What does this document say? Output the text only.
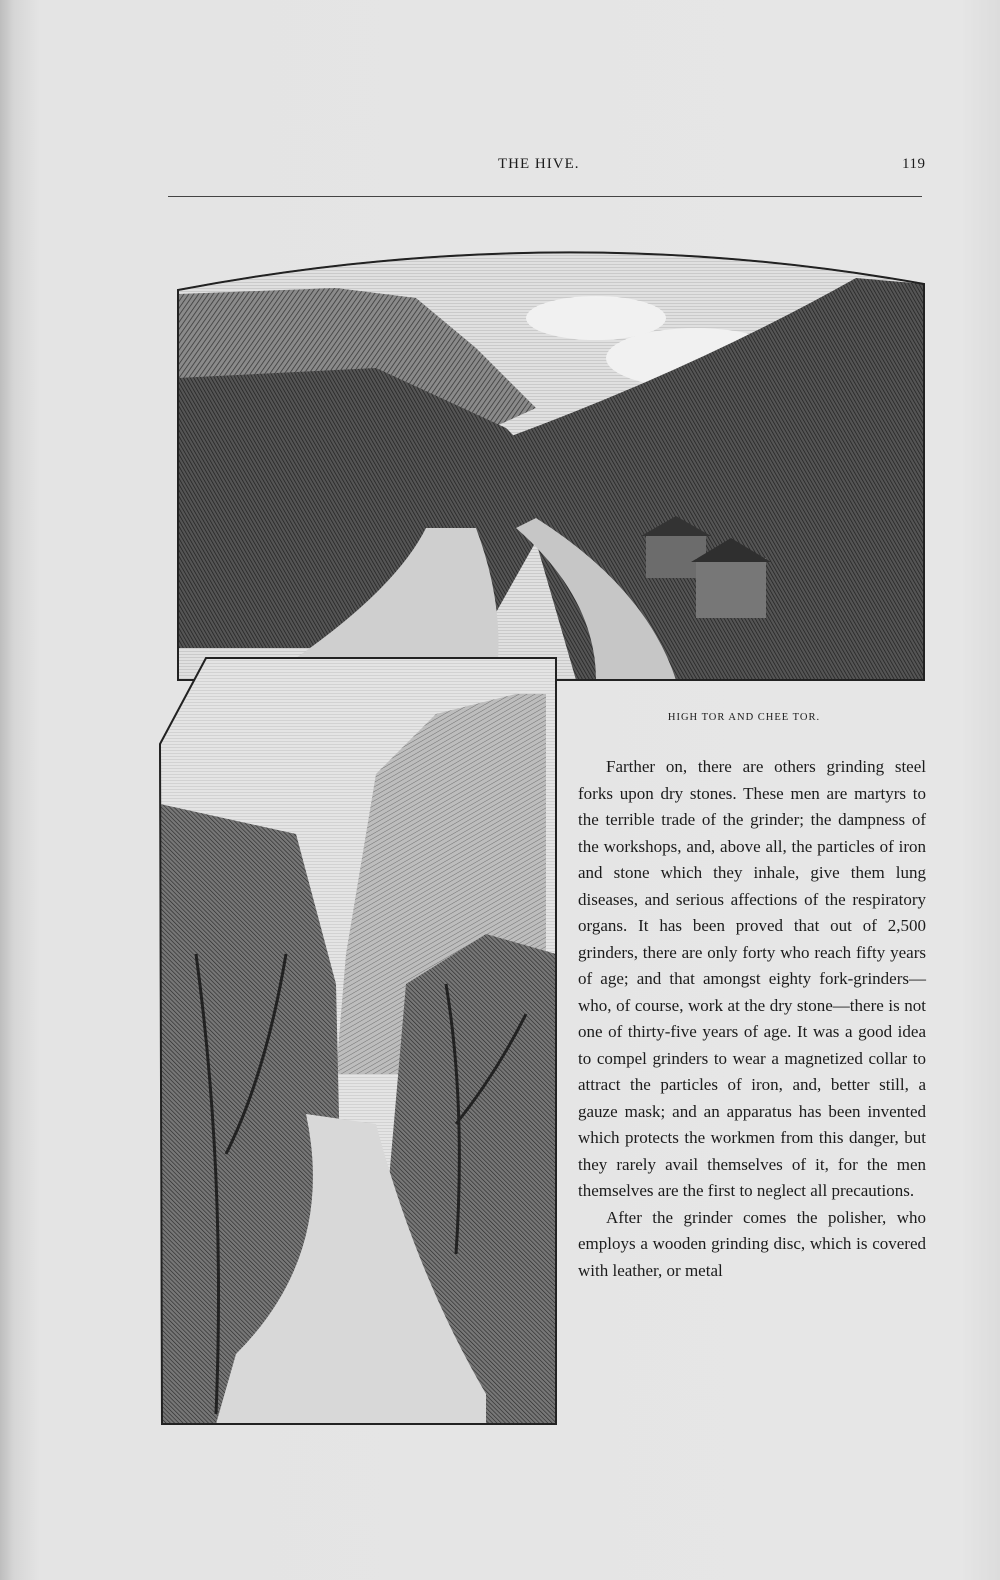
THE HIVE.	119
HIGH TOR AND CHEE TOR.

Farther on, there are others grinding steel forks upon dry stones. These men are martyrs to the terrible trade of the grinder; the dampness of the workshops, and, above all, the particles of iron and stone which they inhale, give them lung diseases, and serious affections of the respiratory organs. It has been proved that out of 2,500 grinders, there are only forty who reach fifty years of age; and that amongst eighty fork-grinders—who, of course, work at the dry stone—there is not one of thirty-five years of age. It was a good idea to compel grinders to wear a magnetized collar to attract the particles of iron, and, better still, a gauze mask; and an apparatus has been invented which protects the workmen from this danger, but they rarely avail themselves of it, for the men themselves are the first to neglect all precautions.

After the grinder comes the polisher, who employs a wooden grinding disc, which is covered with leather, or metal
